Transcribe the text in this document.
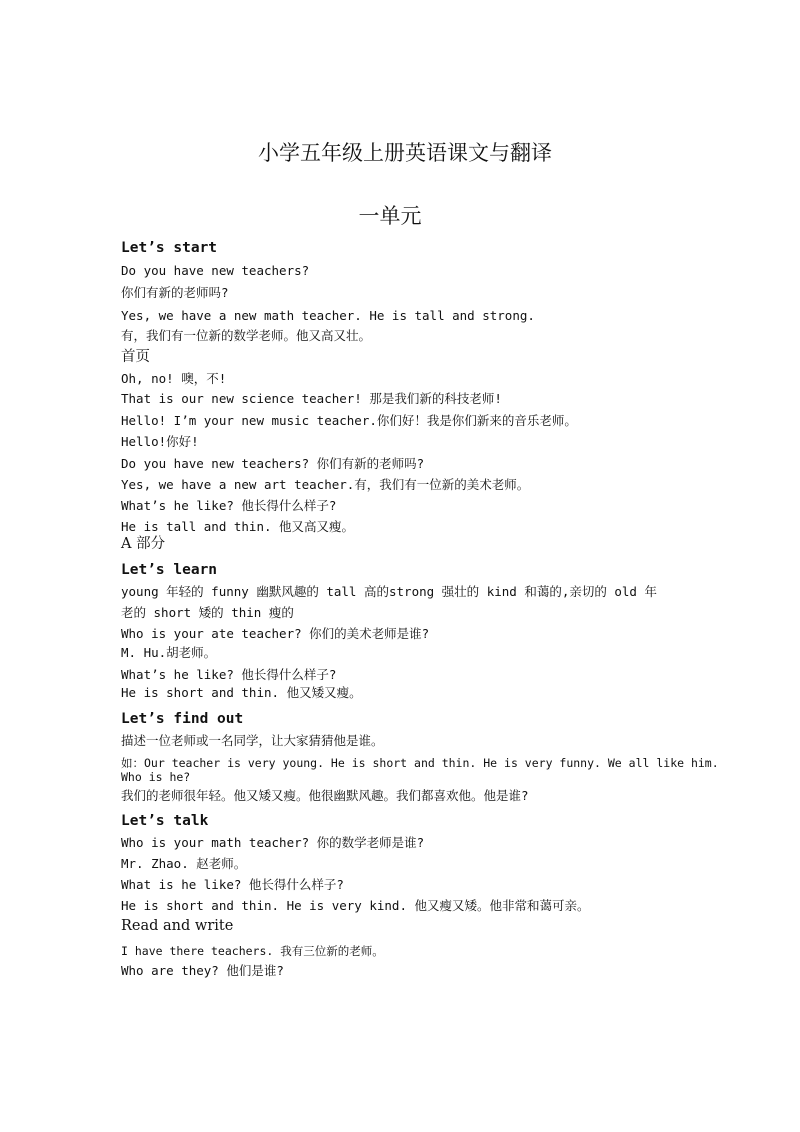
小学五年级上册英语课文与翻译
一单元
Let’s start
Do you have new teachers?
你们有新的老师吗?
Yes, we have a new math teacher. He is tall and strong.
有，我们有一位新的数学老师。他又高又壮。
首页
Oh, no! 噢，不!
That is our new science teacher! 那是我们新的科技老师!
Hello! I’m your new music teacher.你们好！我是你们新来的音乐老师。
Hello!你好!
Do you have new teachers? 你们有新的老师吗?
Yes, we have a new art teacher.有，我们有一位新的美术老师。
What’s he like? 他长得什么样子?
He is tall and thin. 他又高又瘦。
A 部分
Let’s learn
young 年轻的 funny 幽默风趣的 tall 高的strong 强壮的 kind 和蔼的,亲切的 old 年
老的 short 矮的 thin 瘦的
Who is your ate teacher? 你们的美术老师是谁?
M. Hu.胡老师。
What’s he like? 他长得什么样子?
He is short and thin. 他又矮又瘦。
Let’s find out
描述一位老师或一名同学，让大家猜猜他是谁。
如：Our teacher is very young. He is short and thin. He is very funny. We all like him. Who is he?
我们的老师很年轻。他又矮又瘦。他很幽默风趣。我们都喜欢他。他是谁?
Let’s talk
Who is your math teacher? 你的数学老师是谁?
Mr. Zhao. 赵老师。
What is he like? 他长得什么样子?
He is short and thin. He is very kind. 他又瘦又矮。他非常和蔼可亲。
Read and write
I have there teachers. 我有三位新的老师。
Who are they? 他们是谁?
